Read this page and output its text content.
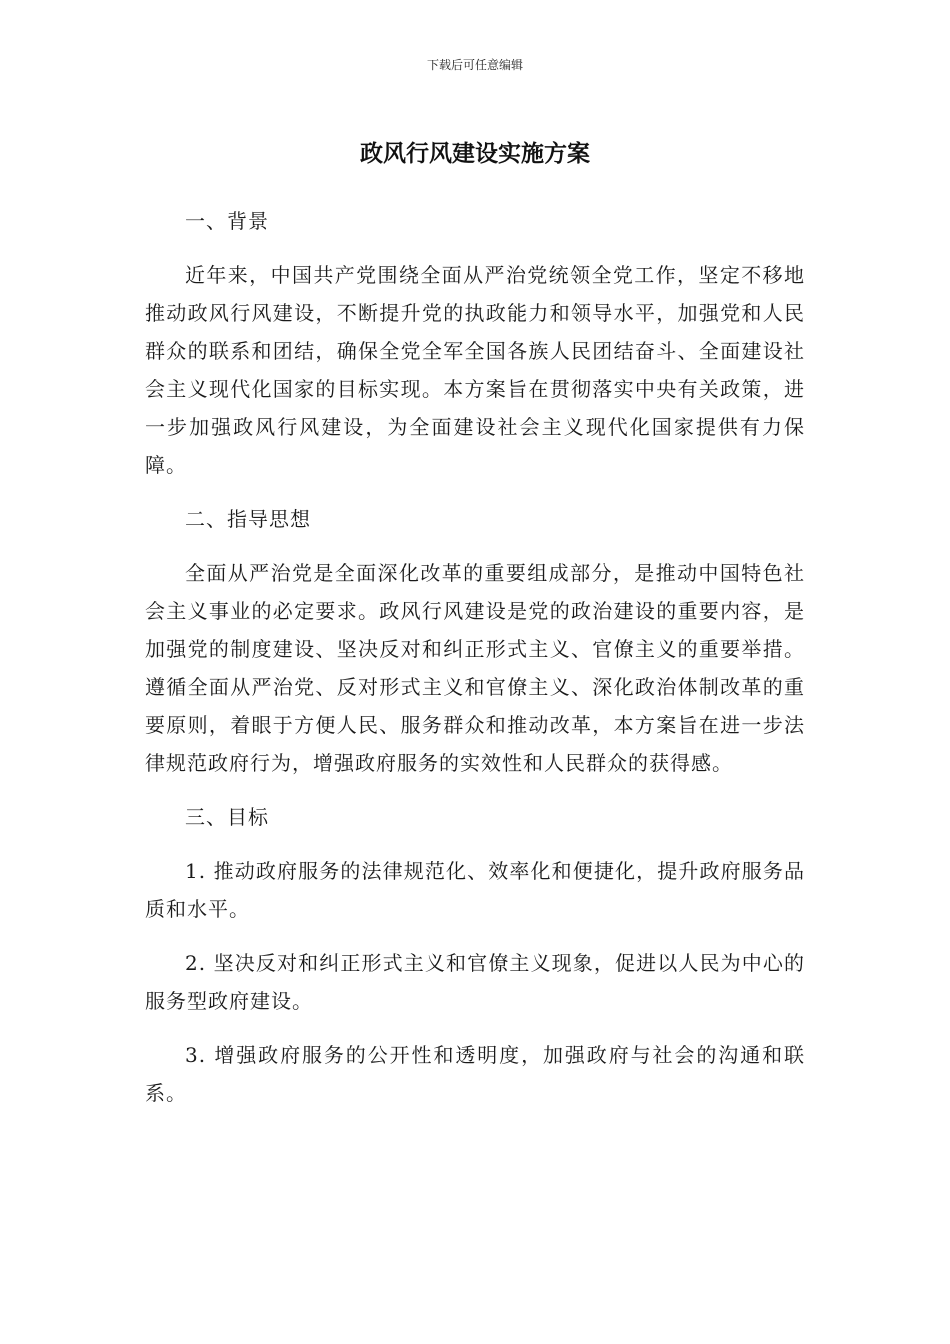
下载后可任意编辑
政风行风建设实施方案

一、背景

近年来，中国共产党围绕全面从严治党统领全党工作，坚定不移地推动政风行风建设，不断提升党的执政能力和领导水平，加强党和人民群众的联系和团结，确保全党全军全国各族人民团结奋斗、全面建设社会主义现代化国家的目标实现。本方案旨在贯彻落实中央有关政策，进一步加强政风行风建设，为全面建设社会主义现代化国家提供有力保障。

二、指导思想

全面从严治党是全面深化改革的重要组成部分，是推动中国特色社会主义事业的必定要求。政风行风建设是党的政治建设的重要内容，是加强党的制度建设、坚决反对和纠正形式主义、官僚主义的重要举措。遵循全面从严治党、反对形式主义和官僚主义、深化政治体制改革的重要原则，着眼于方便人民、服务群众和推动改革，本方案旨在进一步法律规范政府行为，增强政府服务的实效性和人民群众的获得感。

三、目标

1. 推动政府服务的法律规范化、效率化和便捷化，提升政府服务品质和水平。

2. 坚决反对和纠正形式主义和官僚主义现象，促进以人民为中心的服务型政府建设。

3. 增强政府服务的公开性和透明度，加强政府与社会的沟通和联系。
